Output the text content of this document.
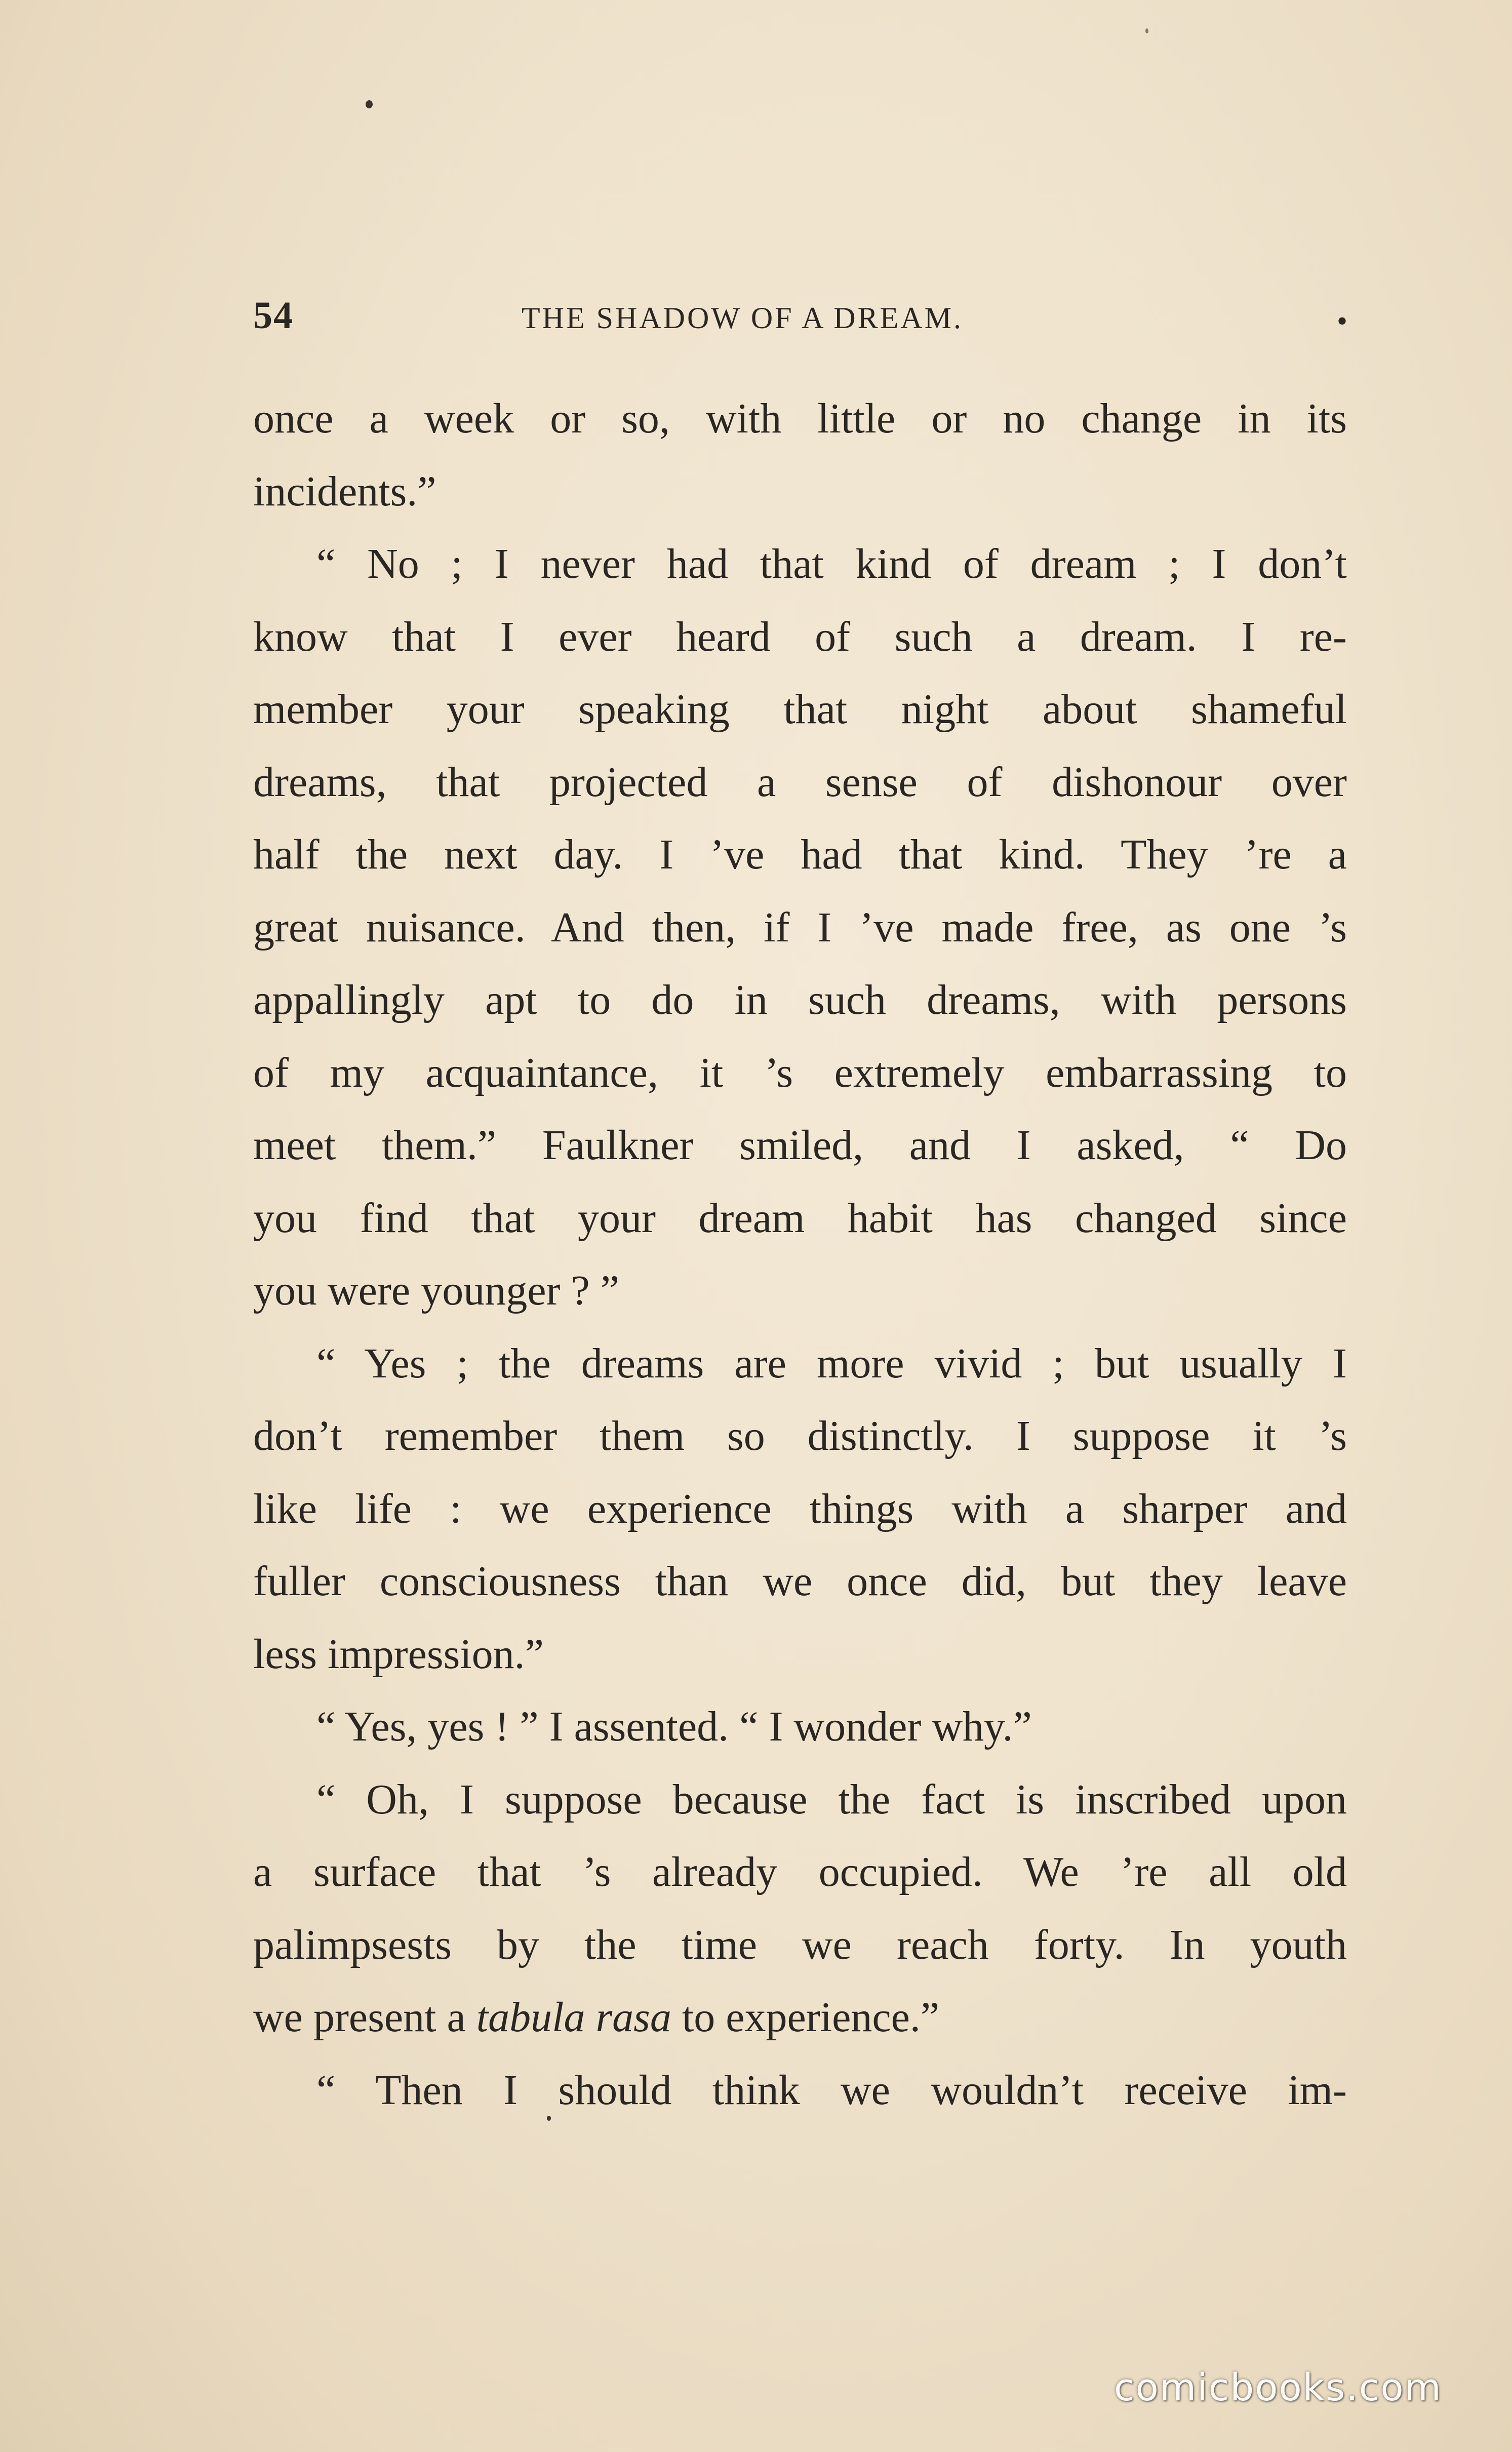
54	THE SHADOW OF A DREAM.	•
once a week or so, with little or no change in its
incidents.”
“ No ; I never had that kind of dream ; I don’t
know that I ever heard of such a dream. I re-
member your speaking that night about shameful
dreams, that projected a sense of dishonour over
half the next day. I ’ve had that kind. They ’re a
great nuisance. And then, if I ’ve made free, as one ’s
appallingly apt to do in such dreams, with persons
of my acquaintance, it ’s extremely embarrassing to
meet them.” Faulkner smiled, and I asked, “ Do
you find that your dream habit has changed since
you were younger ? ”
“ Yes ; the dreams are more vivid ; but usually I
don’t remember them so distinctly. I suppose it ’s
like life : we experience things with a sharper and
fuller consciousness than we once did, but they leave
less impression.”
“ Yes, yes ! ” I assented. “ I wonder why.”
“ Oh, I suppose because the fact is inscribed upon
a surface that ’s already occupied. We ’re all old
palimpsests by the time we reach forty. In youth
we present a tabula rasa to experience.”
“ Then I should think we wouldn’t receive im-
comicbooks.com
